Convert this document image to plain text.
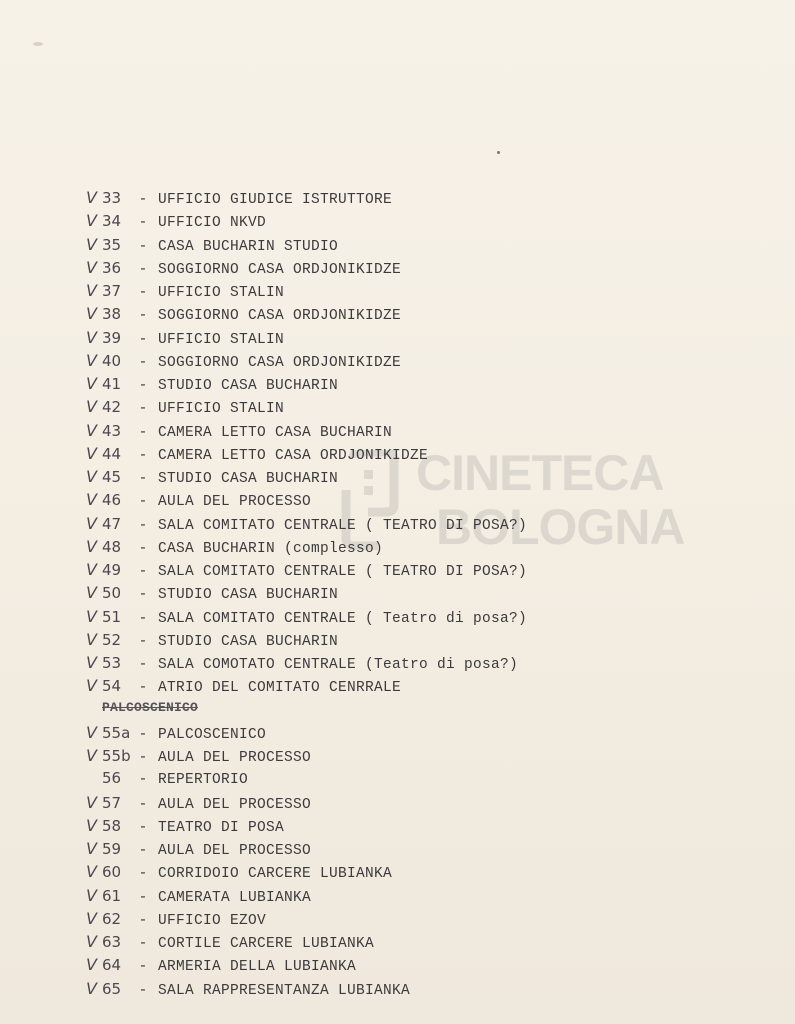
CINETECA
BOLOGNA
V 33	- UFFICIO GIUDICE ISTRUTTORE
V 34	- UFFICIO NKVD
V 35	- CASA BUCHARIN STUDIO
V 36	- SOGGIORNO CASA ORDJONIKIDZE
V 37	- UFFICIO STALIN
V 38	- SOGGIORNO CASA ORDJONIKIDZE
V 39	- UFFICIO STALIN
V 40	- SOGGIORNO CASA ORDJONIKIDZE
V 41	- STUDIO CASA BUCHARIN
V 42	- UFFICIO STALIN
V 43	- CAMERA LETTO CASA BUCHARIN
V 44	- CAMERA LETTO CASA ORDJONIKIDZE
V 45	- STUDIO CASA BUCHARIN
V 46	- AULA DEL PROCESSO
V 47	- SALA COMITATO CENTRALE ( TEATRO DI POSA?)
V 48	- CASA BUCHARIN (complesso)
V 49	- SALA COMITATO CENTRALE ( TEATRO DI POSA?)
V 50	- STUDIO CASA BUCHARIN
V 51	- SALA COMITATO CENTRALE ( Teatro di posa?)
V 52	- STUDIO CASA BUCHARIN
V 53	- SALA COMOTATO CENTRALE (Teatro di posa?)
V 54	- ATRIO DEL COMITATO CENRRALE
PALCOSCENICO
V 55a - PALCOSCENICO
V 55b - AULA DEL PROCESSO
56	- REPERTORIO
V 57	- AULA DEL PROCESSO
V 58	- TEATRO DI POSA
V 59	- AULA DEL PROCESSO
V 60	- CORRIDOIO CARCERE LUBIANKA
V 61	- CAMERATA LUBIANKA
V 62	- UFFICIO EZOV
V 63	- CORTILE CARCERE LUBIANKA
V 64	- ARMERIA DELLA LUBIANKA
V 65	- SALA RAPPRESENTANZA LUBIANKA
